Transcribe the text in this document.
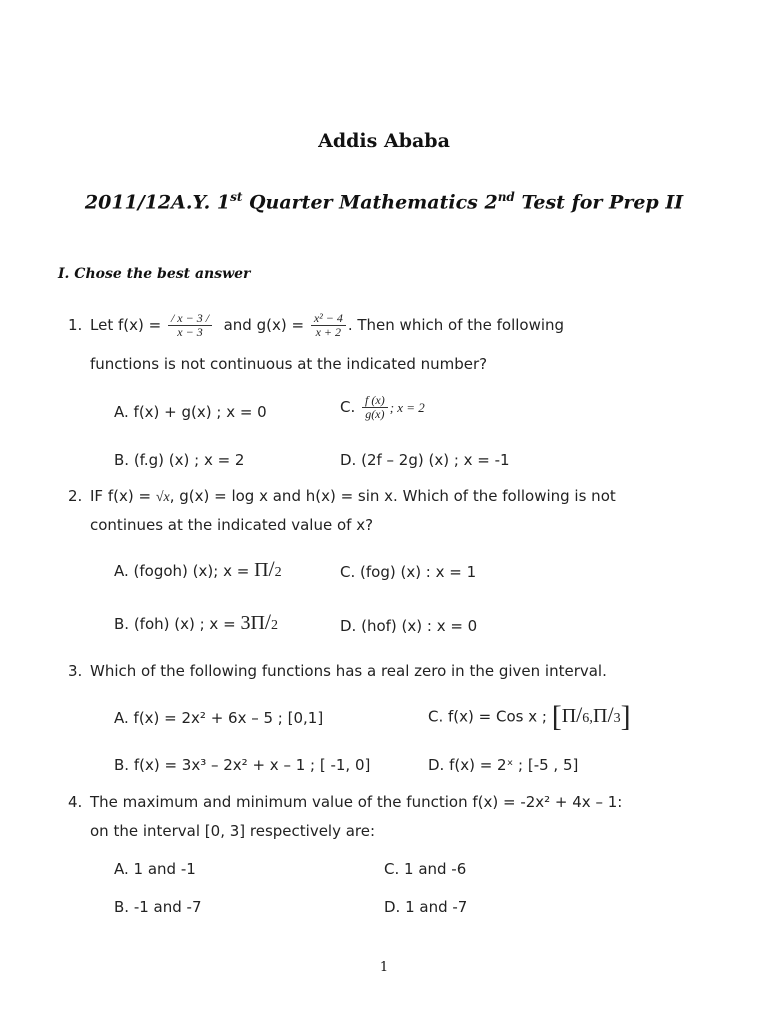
Addis Ababa
2011/12A.Y. 1st Quarter Mathematics 2nd Test for Prep II
I. Chose the best answer
1. Let $f(x) = \frac{/ x - 3 /}{x - 3}$ and $g(x) = \frac{\text{x² − 4}}{x + 2}$ . Then which of the following
functions is not continuous at the indicated number?
A. f(x) + g(x) ; x = 0	C. $\frac{f (x)}{g(x)}$ ; x = 2
B. (f.g) (x) ; x = 2	D. (2f – 2g) (x) ; x = -1
2. IF f(x) = √x, g(x) = log x and h(x) = sin x. Which of the following is not
continues at the indicated value of x?
A. (fogoh) (x); x = Π/2	C. (fog) (x) : x = 1
B. (foh) (x) ; x = 3Π/2	D. (hof) (x) : x = 0
3. Which of the following functions has a real zero in the given interval.
A. f(x) = 2x² + 6x – 5 ; [0,1]	C. f(x) = Cos x ; [Π/6,Π/3]
B. f(x) = 3x³ – 2x² + x – 1 ; [ -1, 0]	D. f(x) = 2ˣ ; [-5 , 5]
4. The maximum and minimum value of the function f(x) = -2x² + 4x – 1:
on the interval [0, 3] respectively are:
A. 1 and -1	C. 1 and -6
B. -1 and -7	D. 1 and -7
1
